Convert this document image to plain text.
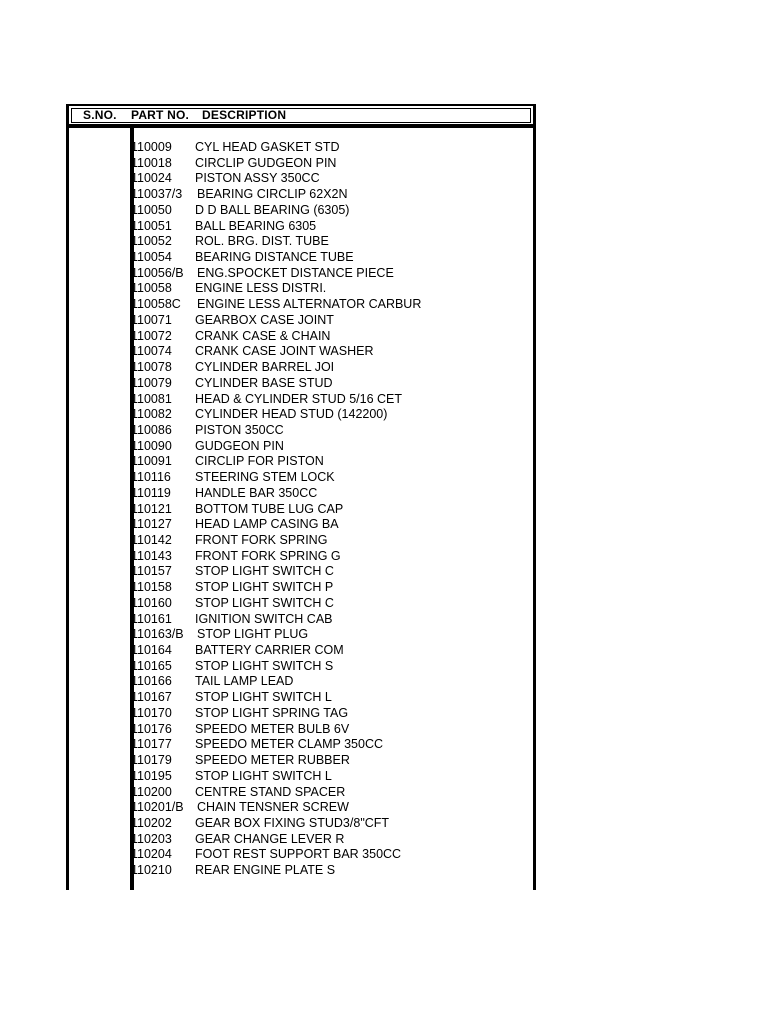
S.NO. PART NO. DESCRIPTION
110009 CYL HEAD GASKET STD
110018 CIRCLIP GUDGEON PIN
110024 PISTON ASSY 350CC
110037/3 BEARING CIRCLIP 62X2N
110050 D D BALL BEARING (6305)
110051 BALL BEARING 6305
110052 ROL. BRG. DIST. TUBE
110054 BEARING DISTANCE TUBE
110056/B ENG.SPOCKET DISTANCE PIECE
110058 ENGINE LESS DISTRI.
110058C ENGINE LESS ALTERNATOR CARBUR
110071 GEARBOX CASE JOINT
110072 CRANK CASE & CHAIN
110074 CRANK CASE JOINT WASHER
110078 CYLINDER BARREL JOI
110079 CYLINDER BASE STUD
110081 HEAD & CYLINDER STUD 5/16 CET
110082 CYLINDER HEAD STUD (142200)
110086 PISTON 350CC
110090 GUDGEON PIN
110091 CIRCLIP FOR PISTON
110116 STEERING STEM LOCK
110119 HANDLE BAR 350CC
110121 BOTTOM TUBE LUG CAP
110127 HEAD LAMP CASING BA
110142 FRONT FORK SPRING
110143 FRONT FORK SPRING G
110157 STOP LIGHT SWITCH C
110158 STOP LIGHT SWITCH P
110160 STOP LIGHT SWITCH C
110161 IGNITION SWITCH CAB
110163/B STOP LIGHT PLUG
110164 BATTERY CARRIER COM
110165 STOP LIGHT SWITCH S
110166 TAIL LAMP LEAD
110167 STOP LIGHT SWITCH L
110170 STOP LIGHT SPRING TAG
110176 SPEEDO METER BULB 6V
110177 SPEEDO METER CLAMP 350CC
110179 SPEEDO METER RUBBER
110195 STOP LIGHT SWITCH L
110200 CENTRE STAND SPACER
110201/B CHAIN TENSNER SCREW
110202 GEAR BOX FIXING STUD3/8"CFT
110203 GEAR CHANGE LEVER R
110204 FOOT REST SUPPORT BAR 350CC
110210 REAR ENGINE PLATE S
